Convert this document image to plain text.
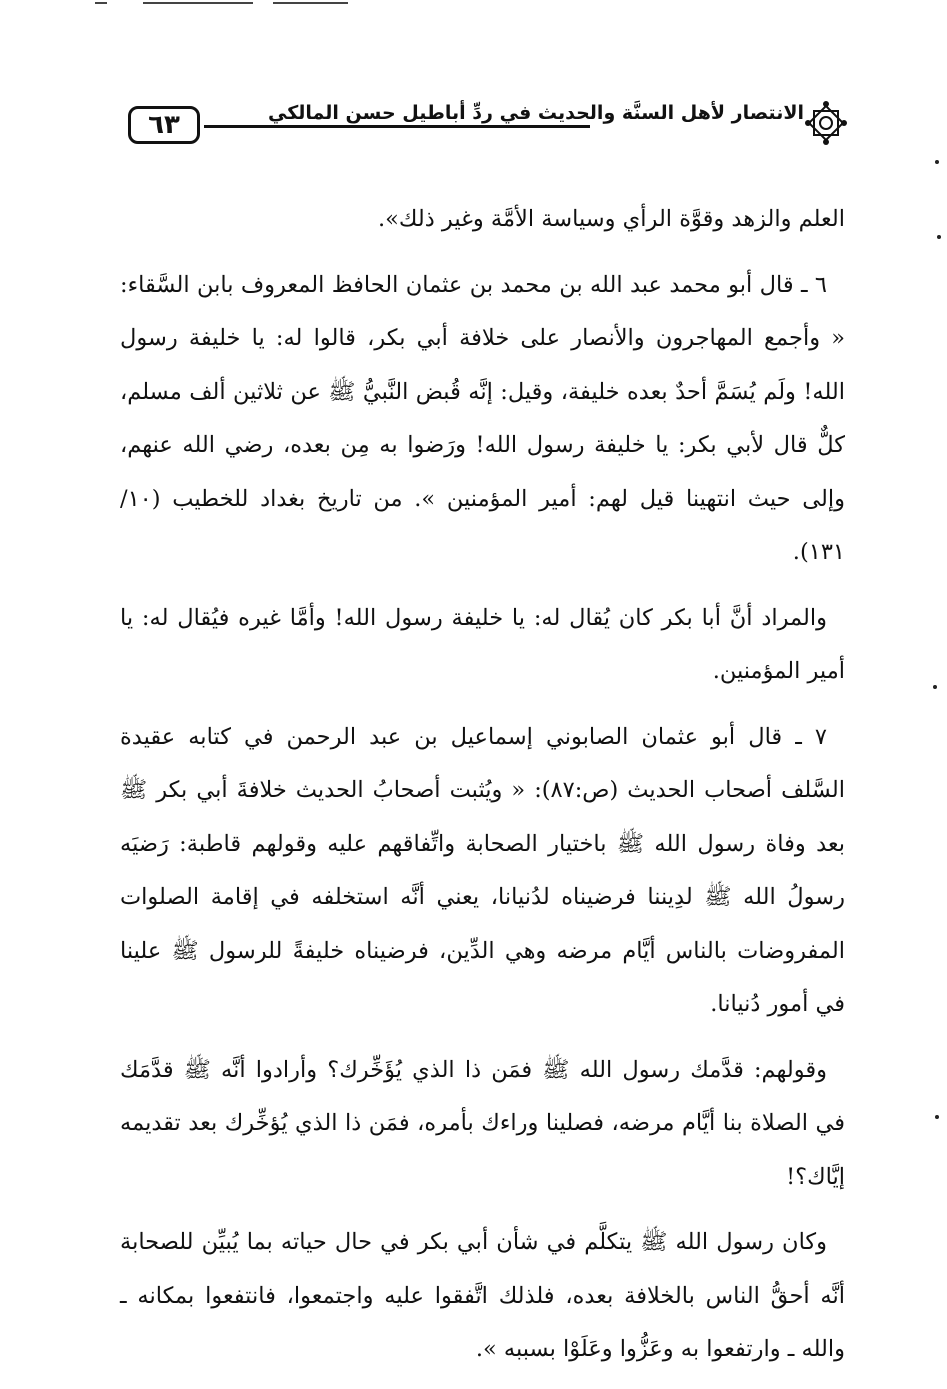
٦٣	الانتصار لأهل السنَّة والحديث في ردِّ أباطيل حسن المالكي

العلم والزهد وقوَّة الرأي وسياسة الأمَّة وغير ذلك».

٦ ـ قال أبو محمد عبد الله بن محمد بن عثمان الحافظ المعروف بابن السَّقاء: « وأجمع المهاجرون والأنصار على خلافة أبي بكر، قالوا له: يا خليفة رسول الله! ولَم يُسَمَّ أحدٌ بعده خليفة، وقيل: إنَّه قُبض النَّبيُّ ﷺ عن ثلاثين ألف مسلم، كلٌّ قال لأبي بكر: يا خليفة رسول الله! ورَضوا به مِن بعده، رضي الله عنهم، وإلى حيث انتهينا قيل لهم: أمير المؤمنين ». من تاريخ بغداد للخطيب (١٠/ ١٣١).

والمراد أنَّ أبا بكر كان يُقال له: يا خليفة رسول الله! وأمَّا غيره فيُقال له: يا أمير المؤمنين.

٧ ـ قال أبو عثمان الصابوني إسماعيل بن عبد الرحمن في كتابه عقيدة السَّلف أصحاب الحديث (ص:٨٧): « ويُثبت أصحابُ الحديث خلافةَ أبي بكر ﷺ بعد وفاة رسول الله ﷺ باختيار الصحابة واتِّفاقهم عليه وقولهم قاطبة: رَضيَه رسولُ الله ﷺ لدِيننا فرضيناه لدُنيانا، يعني أنَّه استخلفه في إقامة الصلوات المفروضات بالناس أيَّام مرضه وهي الدِّين، فرضيناه خليفةً للرسول ﷺ علينا في أمور دُنيانا.

وقولهم: قدَّمك رسول الله ﷺ فمَن ذا الذي يُؤَخِّرك؟ وأرادوا أنَّه ﷺ قدَّمَك في الصلاة بنا أيَّام مرضه، فصلينا وراءك بأمره، فمَن ذا الذي يُؤخِّرك بعد تقديمه إيَّاك؟!

وكان رسول الله ﷺ يتكلَّم في شأن أبي بكر في حال حياته بما يُبيِّن للصحابة أنَّه أحقُّ الناس بالخلافة بعده، فلذلك اتَّفقوا عليه واجتمعوا، فانتفعوا بمكانه ـ والله ـ وارتفعوا به وعَزُّوا وعَلَوْا بسببه ».
